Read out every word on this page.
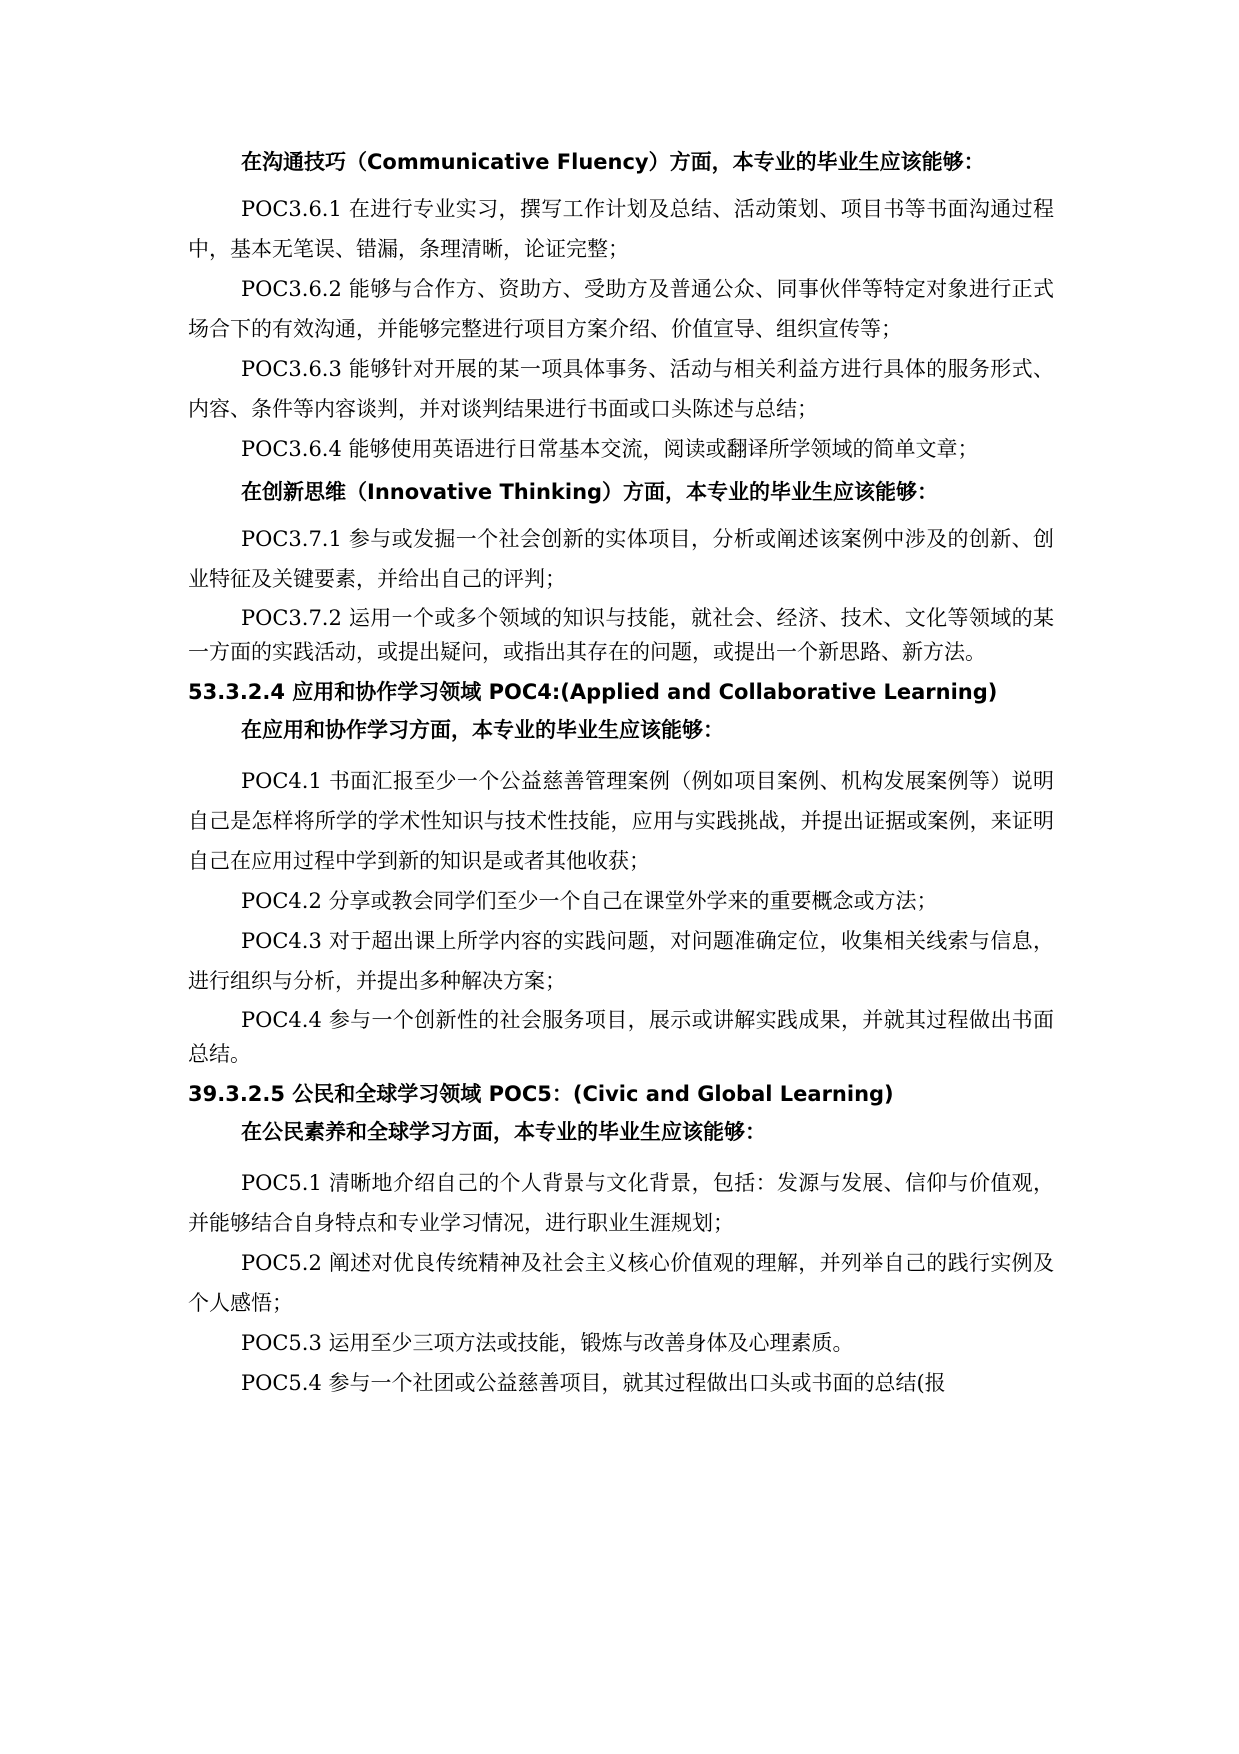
在沟通技巧（Communicative Fluency）方面，本专业的毕业生应该能够：

POC3.6.1 在进行专业实习，撰写工作计划及总结、活动策划、项目书等书面沟通过程中，基本无笔误、错漏，条理清晰，论证完整；

POC3.6.2 能够与合作方、资助方、受助方及普通公众、同事伙伴等特定对象进行正式场合下的有效沟通，并能够完整进行项目方案介绍、价值宣导、组织宣传等；

POC3.6.3 能够针对开展的某一项具体事务、活动与相关利益方进行具体的服务形式、内容、条件等内容谈判，并对谈判结果进行书面或口头陈述与总结；

POC3.6.4 能够使用英语进行日常基本交流，阅读或翻译所学领域的简单文章；

在创新思维（Innovative Thinking）方面，本专业的毕业生应该能够：

POC3.7.1 参与或发掘一个社会创新的实体项目，分析或阐述该案例中涉及的创新、创业特征及关键要素，并给出自己的评判；

POC3.7.2 运用一个或多个领域的知识与技能，就社会、经济、技术、文化等领域的某一方面的实践活动，或提出疑问，或指出其存在的问题，或提出一个新思路、新方法。

53.3.2.4 应用和协作学习领域 POC4:(Applied and Collaborative Learning)

在应用和协作学习方面，本专业的毕业生应该能够：

POC4.1 书面汇报至少一个公益慈善管理案例（例如项目案例、机构发展案例等）说明自己是怎样将所学的学术性知识与技术性技能，应用与实践挑战，并提出证据或案例，来证明自己在应用过程中学到新的知识是或者其他收获；

POC4.2 分享或教会同学们至少一个自己在课堂外学来的重要概念或方法；

POC4.3 对于超出课上所学内容的实践问题，对问题准确定位，收集相关线索与信息，进行组织与分析，并提出多种解决方案；

POC4.4 参与一个创新性的社会服务项目，展示或讲解实践成果，并就其过程做出书面总结。

39.3.2.5 公民和全球学习领域 POC5：(Civic and Global Learning)

在公民素养和全球学习方面，本专业的毕业生应该能够：

POC5.1 清晰地介绍自己的个人背景与文化背景，包括：发源与发展、信仰与价值观，并能够结合自身特点和专业学习情况，进行职业生涯规划；

POC5.2 阐述对优良传统精神及社会主义核心价值观的理解，并列举自己的践行实例及个人感悟；

POC5.3 运用至少三项方法或技能，锻炼与改善身体及心理素质。

POC5.4 参与一个社团或公益慈善项目，就其过程做出口头或书面的总结(报
